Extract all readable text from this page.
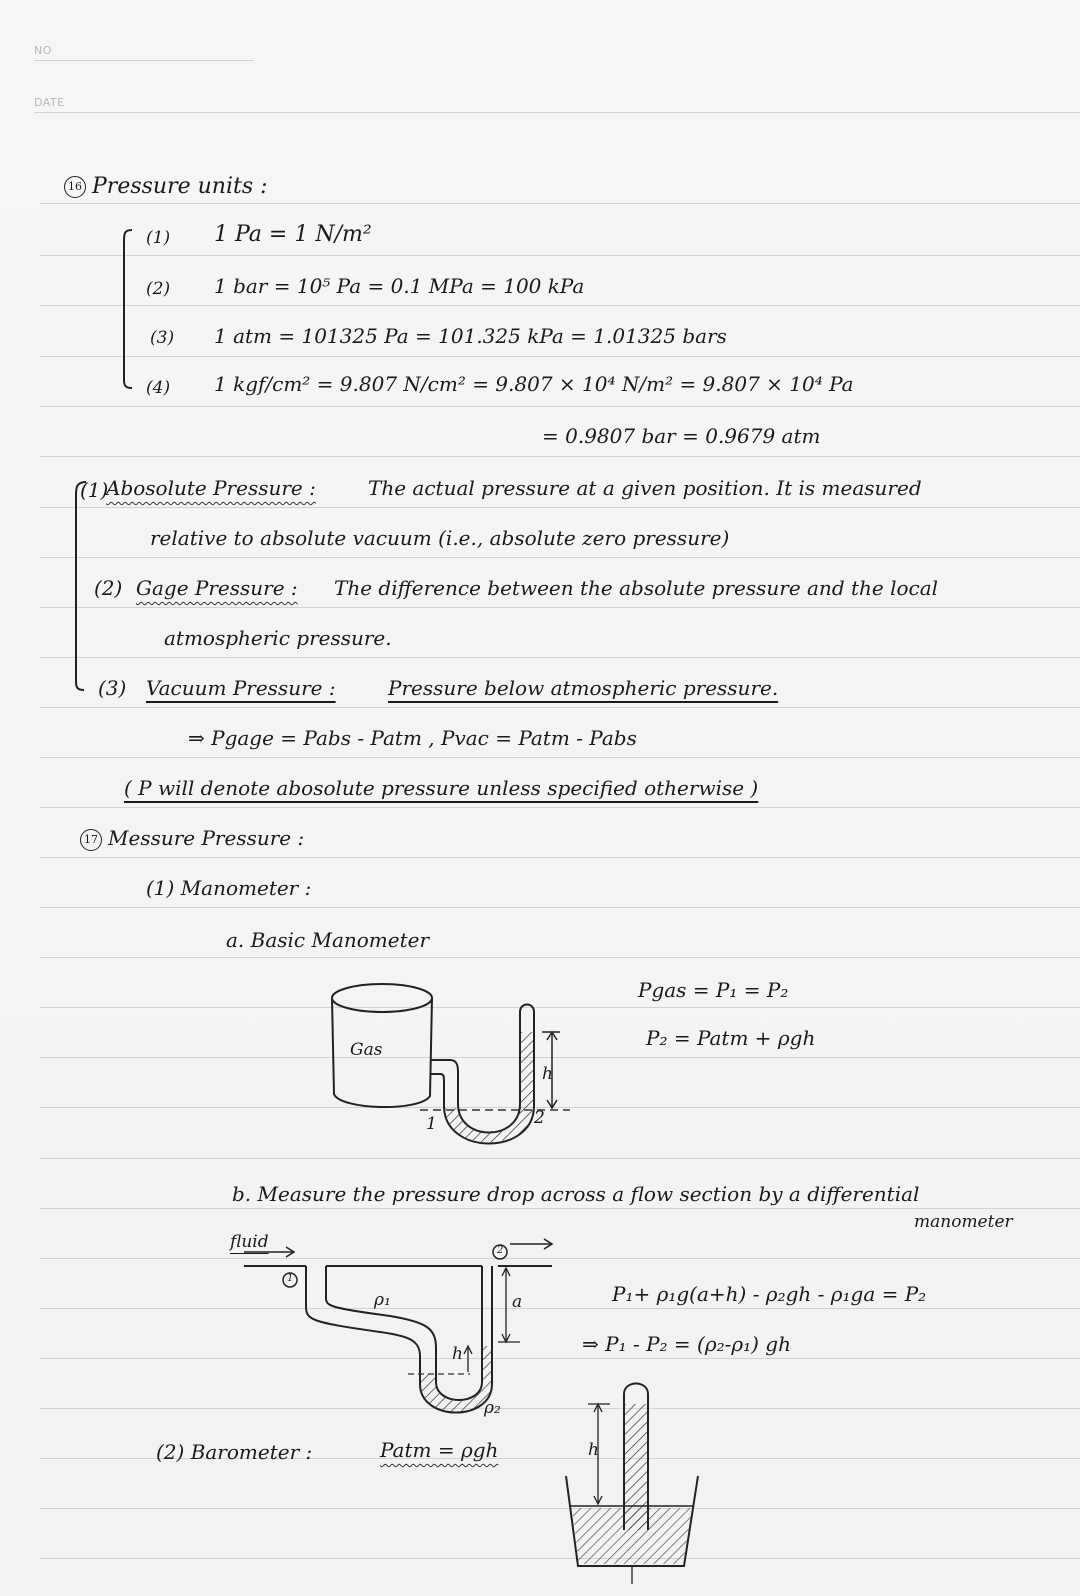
NO
DATE
16 Pressure units :
(1) 1 Pa = 1 N/m²
(2) 1 bar = 10⁵ Pa = 0.1 MPa = 100 kPa
(3) 1 atm = 101325 Pa = 101.325 kPa = 1.01325 bars
(4) 1 kgf/cm² = 9.807 N/cm² = 9.807 × 10⁴ N/m² = 9.807 × 10⁴ Pa
= 0.9807 bar = 0.9679 atm
(1)
Abosolute Pressure :	The actual pressure at a given position. It is measured
relative to absolute vacuum (i.e., absolute zero pressure)
(2) Gage Pressure : The difference between the absolute pressure and the local
atmospheric pressure.
(3) Vacuum Pressure :	Pressure below atmospheric pressure.
⇒ Pgage = Pabs - Patm , Pvac = Patm - Pabs
( P will denote abosolute pressure unless specified otherwise )
17 Messure Pressure :
(1) Manometer :
a. Basic Manometer
Gas
h
1	2
Pgas = P₁ = P₂
P₂ = Patm + ρgh
b. Measure the pressure drop across a flow section by a differential
manometer
fluid
1
2
ρ₁
ρ₂
a
h
P₁+ ρ₁g(a+h) - ρ₂gh - ρ₁ga = P₂
⇒ P₁ - P₂ = (ρ₂-ρ₁) gh
(2) Barometer :	Patm = ρgh	h
